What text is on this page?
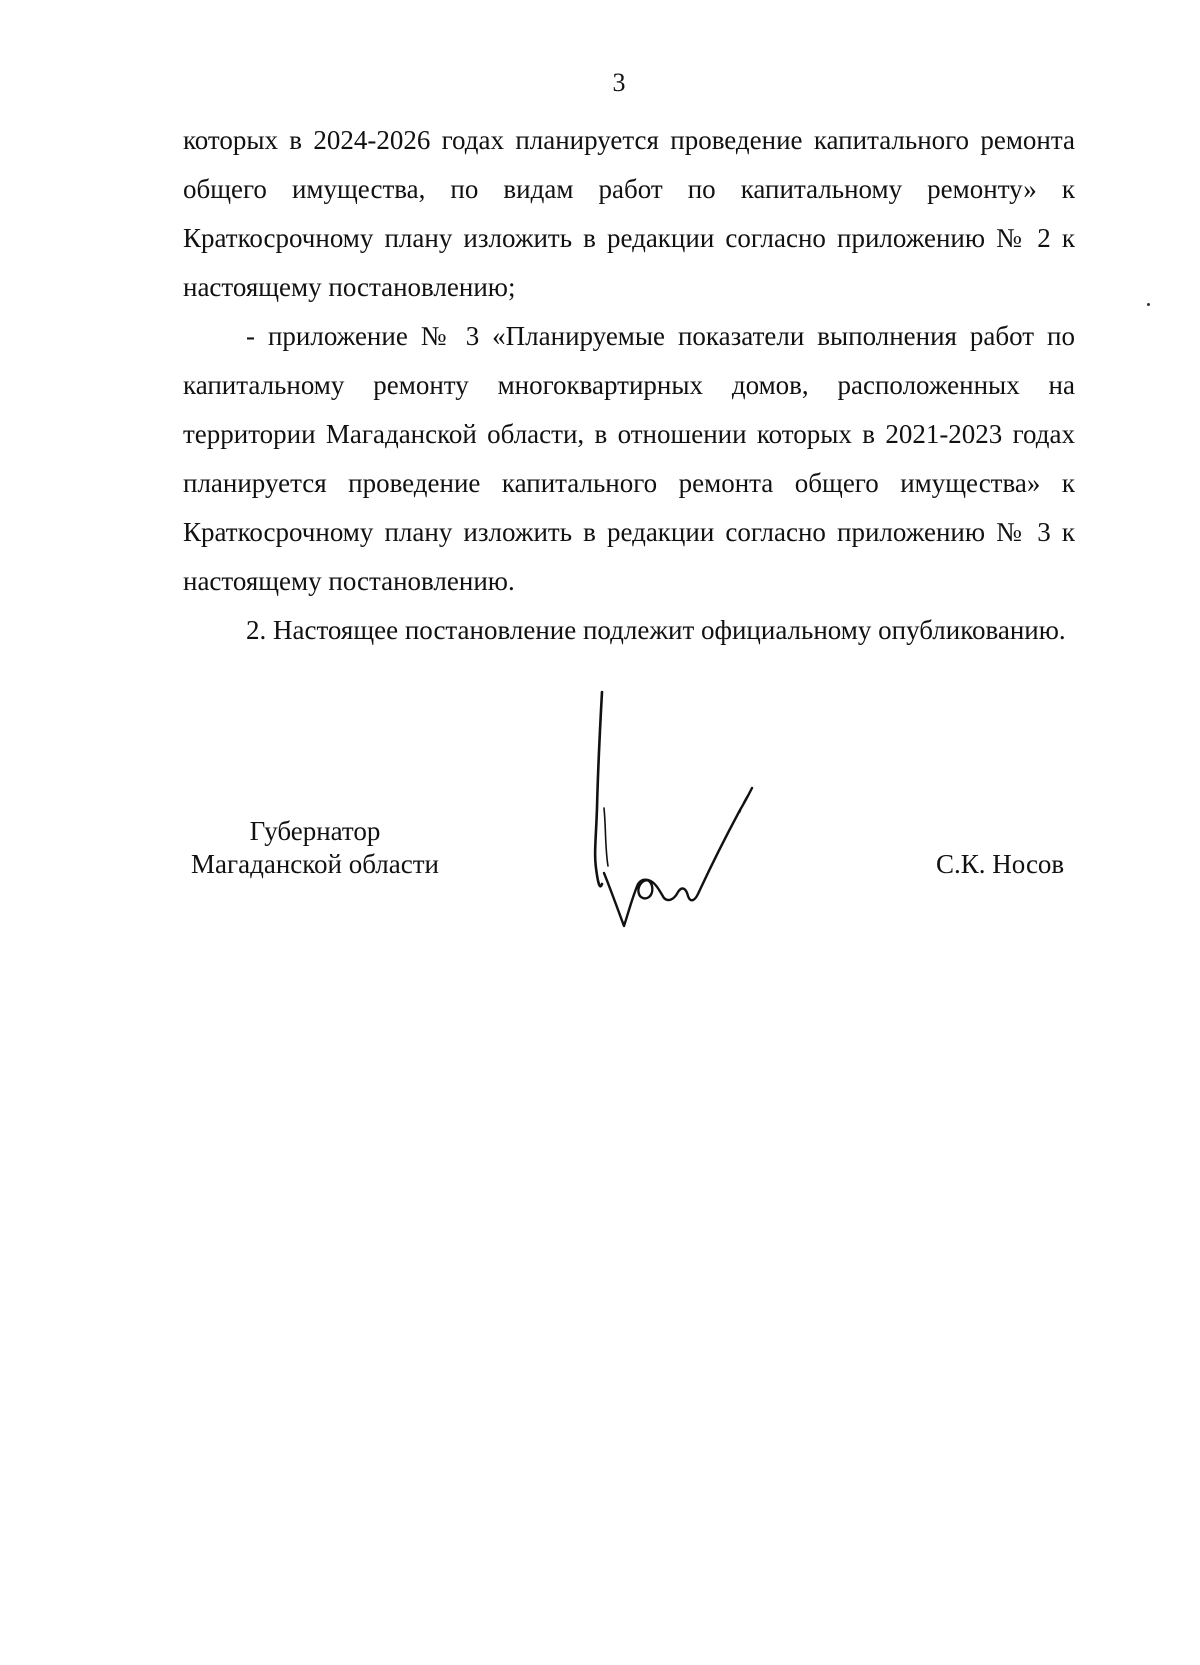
3

которых в 2024-2026 годах планируется проведение капитального ремонта общего имущества, по видам работ по капитальному ремонту» к Краткосрочному плану изложить в редакции согласно приложению № 2 к настоящему постановлению;

- приложение № 3 «Планируемые показатели выполнения работ по капитальному ремонту многоквартирных домов, расположенных на территории Магаданской области, в отношении которых в 2021-2023 годах планируется проведение капитального ремонта общего имущества» к Краткосрочному плану изложить в редакции согласно приложению № 3 к настоящему постановлению.

2. Настоящее постановление подлежит официальному опубликованию.

Губернатор
Магаданской области	С.К. Носов
